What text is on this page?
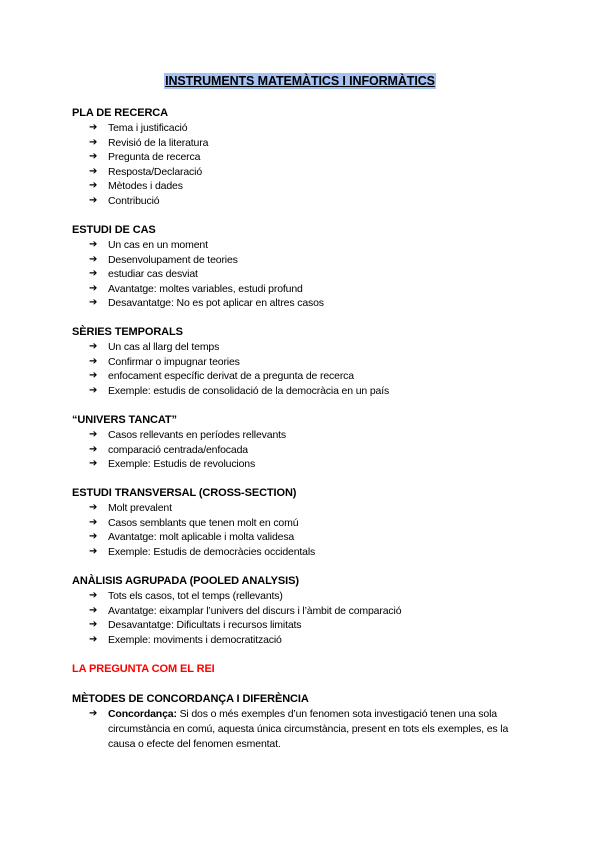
INSTRUMENTS MATEMÀTICS I INFORMÀTICS
PLA DE RECERCA
➔ Tema i justificació
➔ Revisió de la literatura
➔ Pregunta de recerca
➔ Resposta/Declaració
➔ Mètodes i dades
➔ Contribució
ESTUDI DE CAS
➔ Un cas en un moment
➔ Desenvolupament de teories
➔ estudiar cas desviat
➔ Avantatge: moltes variables, estudi profund
➔ Desavantatge: No es pot aplicar en altres casos
SÈRIES TEMPORALS
➔ Un cas al llarg del temps
➔ Confirmar o impugnar teories
➔ enfocament específic derivat de a pregunta de recerca
➔ Exemple: estudis de consolidació de la democràcia en un país
“UNIVERS TANCAT”
➔ Casos rellevants en períodes rellevants
➔ comparació centrada/enfocada
➔ Exemple: Estudis de revolucions
ESTUDI TRANSVERSAL (CROSS-SECTION)
➔ Molt prevalent
➔ Casos semblants que tenen molt en comú
➔ Avantatge: molt aplicable i molta validesa
➔ Exemple: Estudis de democràcies occidentals
ANÀLISIS AGRUPADA (POOLED ANALYSIS)
➔ Tots els casos, tot el temps (rellevants)
➔ Avantatge: eixamplar l’univers del discurs i l’àmbit de comparació
➔ Desavantatge: Dificultats i recursos limitats
➔ Exemple: moviments i democratització
LA PREGUNTA COM EL REI
MÈTODES DE CONCORDANÇA I DIFERÈNCIA
➔ Concordança: Si dos o més exemples d’un fenomen sota investigació tenen una sola circumstància en comú, aquesta única circumstància, present en tots els exemples, es la causa o efecte del fenomen esmentat.
